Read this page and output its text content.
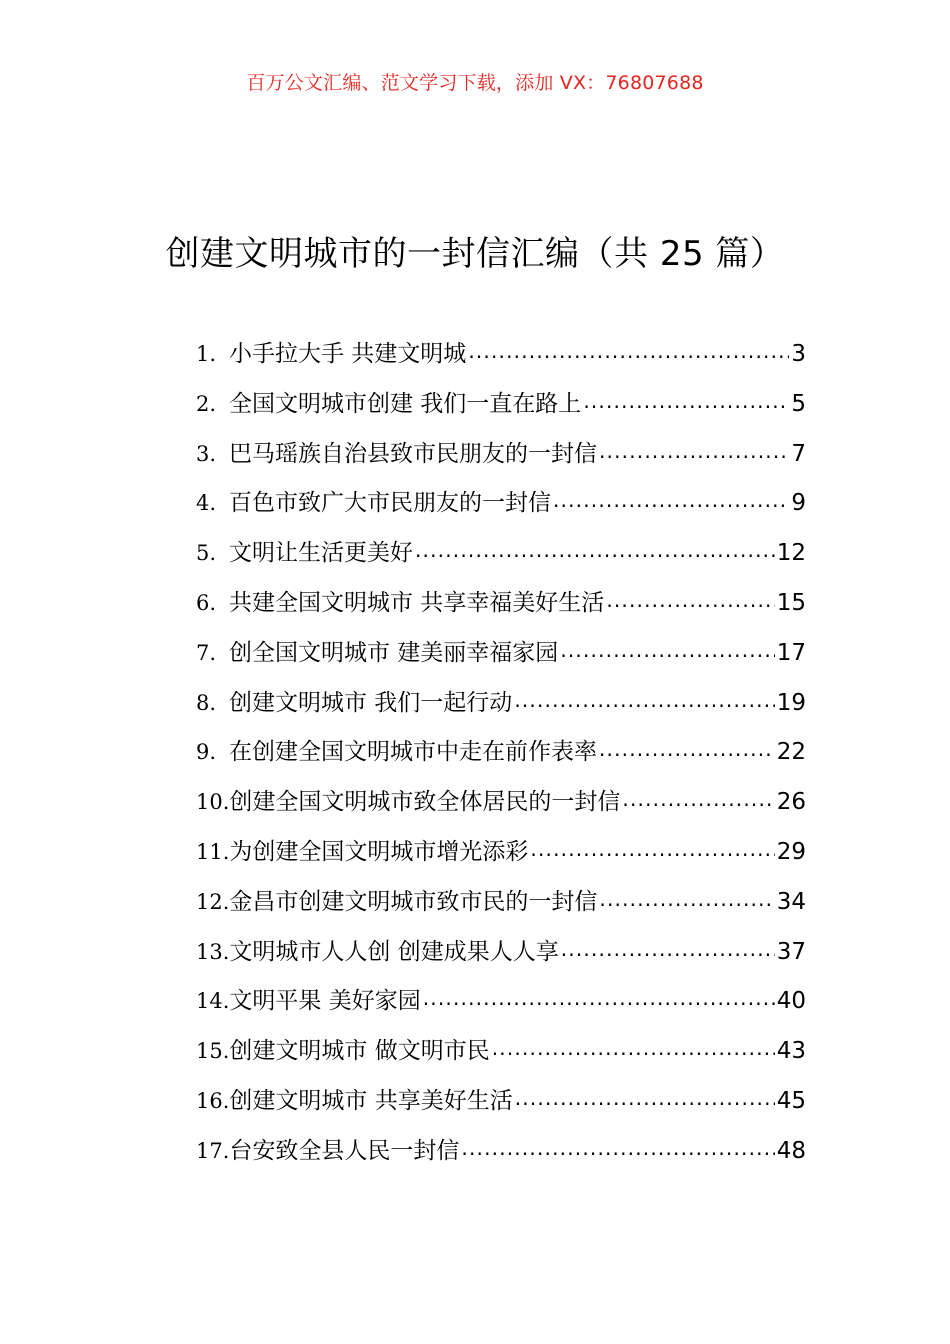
百万公文汇编、范文学习下载，添加 VX：76807688
创建文明城市的一封信汇编（共 25 篇）
1. 小手拉大手 共建文明城 .....	3
2. 全国文明城市创建 我们一直在路上 .....	5
3. 巴马瑶族自治县致市民朋友的一封信 .....	7
4. 百色市致广大市民朋友的一封信 .....	9
5. 文明让生活更美好 .....	12
6. 共建全国文明城市 共享幸福美好生活 .....	15
7. 创全国文明城市 建美丽幸福家园 .....	17
8. 创建文明城市 我们一起行动 .....	19
9. 在创建全国文明城市中走在前作表率 .....	22
10. 创建全国文明城市致全体居民的一封信 .....	26
11. 为创建全国文明城市增光添彩 .....	29
12. 金昌市创建文明城市致市民的一封信 .....	34
13. 文明城市人人创 创建成果人人享 .....	37
14. 文明平果 美好家园 .....	40
15. 创建文明城市 做文明市民 .....	43
16. 创建文明城市 共享美好生活 .....	45
17. 台安致全县人民一封信 .....	48
